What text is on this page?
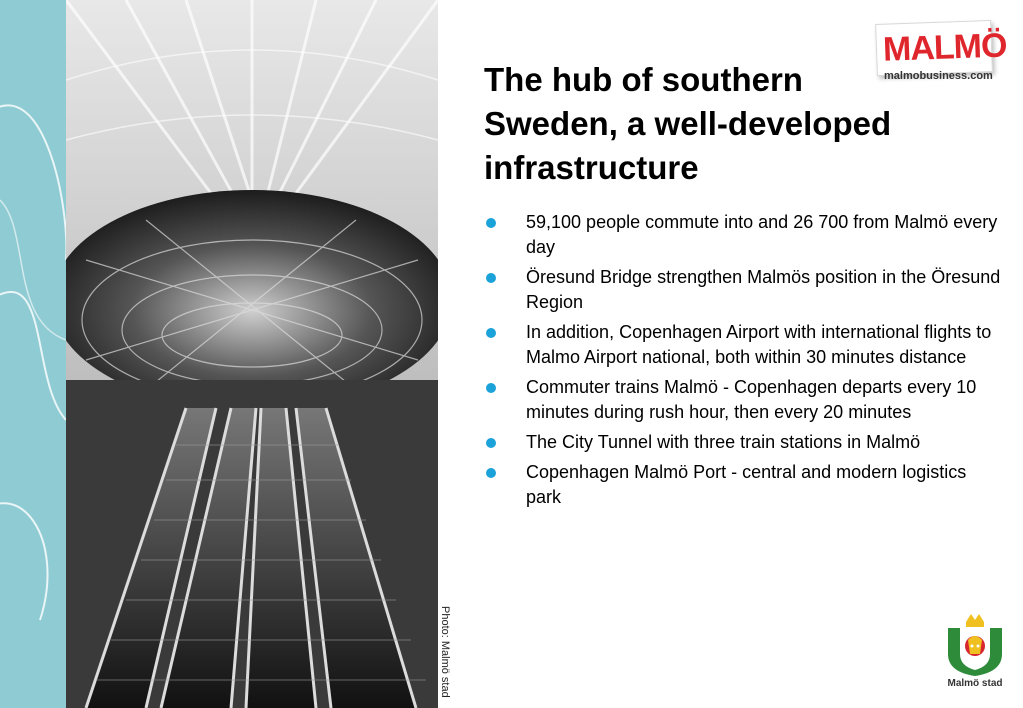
Photo: Malmö stad
MALMÖ
malmobusiness.com
The hub of southern Sweden, a well-developed infrastructure
59,100 people commute into and 26 700 from Malmö every day
Öresund Bridge strengthen Malmös position in the Öresund Region
In addition, Copenhagen Airport with international flights to Malmo Airport national, both within 30 minutes distance
Commuter trains Malmö - Copenhagen departs every 10 minutes during rush hour, then every 20 minutes
The City Tunnel with three train stations in Malmö
Copenhagen Malmö Port - central and modern logistics park
Malmö stad
